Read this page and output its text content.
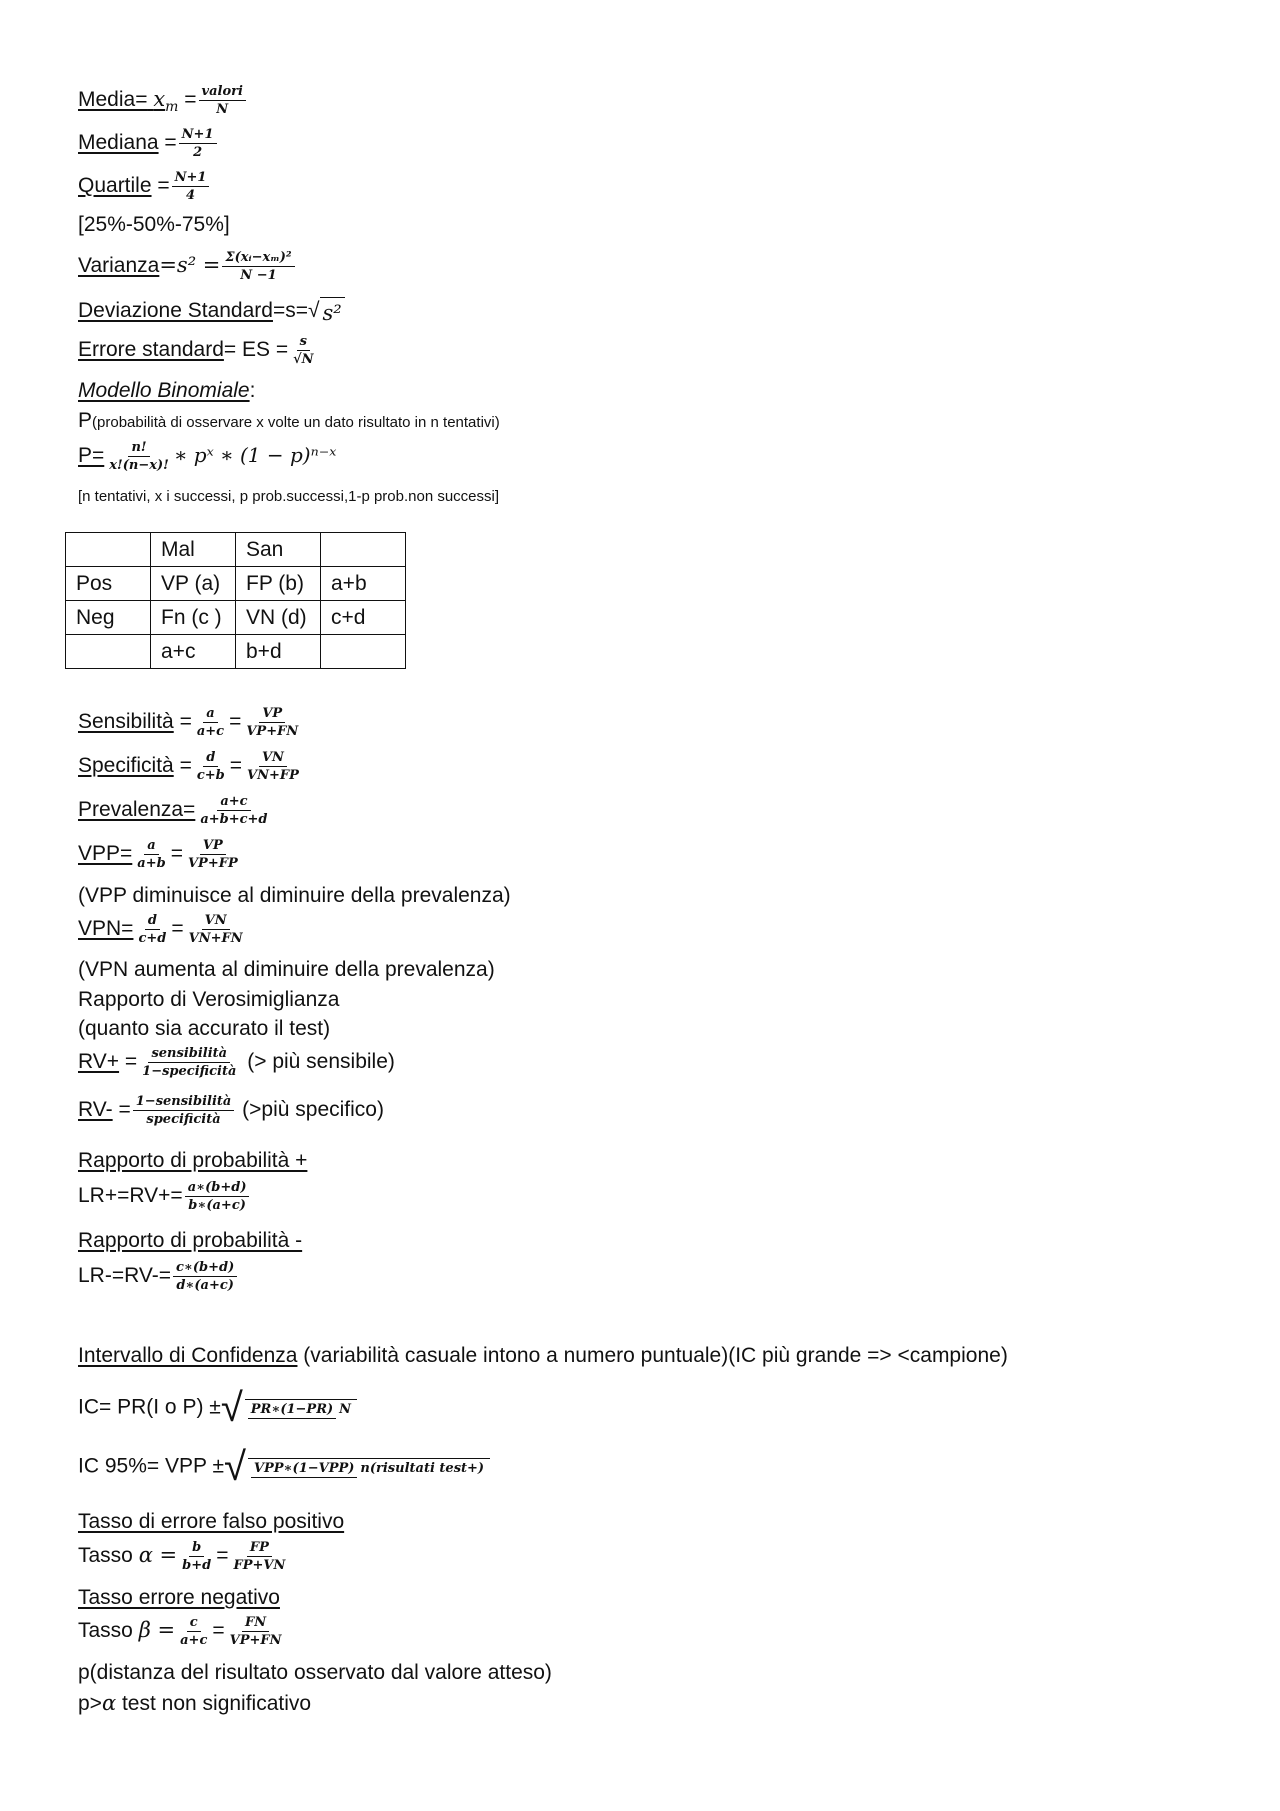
Media= $x_m$ = valori
N
Mediana = $\frac{N+1}{2}$
Quartile = $\frac{N+1}{4}$
[25%-50%-75%]
Varianza=s² = $\frac{\text{Σ(xᵢ−xₘ)²}}{N -1}$
Deviazione Standard=s=√ s²
Errore standard= ES = $\frac{s}{√N}$
Modello Binomiale:
P(probabilità di osservare x volte un dato risultato in n tentativi)
$P= \frac{n!}{x!(n-x)!}$ ∗ pˣ ∗ (1 − p)ⁿ⁻ˣ
[n tentativi, x i successi, p prob.successi,1-p prob.non successi]
	Mal	San	
Pos	VP (a)	FP (b)	a+b
Neg	Fn (c )	VN (d)	c+d
	a+c	b+d	
Sensibilità = $\frac{a}{a+c} = \frac{VP}{VP+FN}$
Specificità = $\frac{d}{c+b} = \frac{VN}{VN+FP}$
Prevalenza= $\frac{a+c}{a+b+c+d}$
$VPP= \frac{a}{a+b} = \frac{VP}{VP+FP}$
(VPP diminuisce al diminuire della prevalenza)
$VPN= \frac{d}{c+d} = \frac{VN}{VN+FN}$
(VPN aumenta al diminuire della prevalenza)
Rapporto di Verosimiglianza
(quanto sia accurato il test)
RV+ = sensibilità
1−specificità (> più sensibile)
RV- = 1−sensibilità
specificità (>più specifico)
Rapporto di probabilità +
$LR+=RV+= \frac{a∗(b+d)}{b∗(a+c)}$
Rapporto di probabilità -
$LR-=RV-= \frac{c∗(b+d)}{d∗(a+c)}$
Intervallo di Confidenza (variabilità casuale intono a numero puntuale)(IC più grande => <campione)
IC= PR(I o P) ±√ PR∗(1−PR) N
IC 95%= VPP ±√ VPP∗(1−VPP) n(risultati test+)
Tasso di errore falso positivo
Tasso $\alpha = \frac{b}{b+d} = \frac{FP}{FP+VN}$
Tasso errore negativo
Tasso $\beta = \frac{c}{a+c} = \frac{FN}{VP+FN}$
p(distanza del risultato osservato dal valore atteso)
p>α test non significativo
